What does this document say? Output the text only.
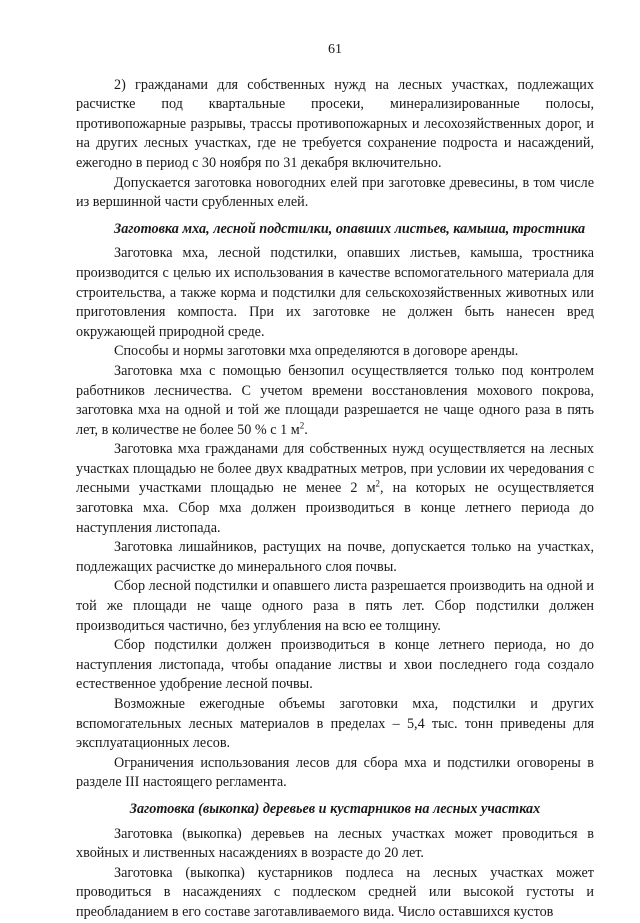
61

2) гражданами для собственных нужд на лесных участках, подлежащих расчистке под квартальные просеки, минерализированные полосы, противопожарные разрывы, трассы противопожарных и лесохозяйственных дорог, и на других лесных участках, где не требуется сохранение подроста и насаждений, ежегодно в период с 30 ноября по 31 декабря включительно.

Допускается заготовка новогодних елей при заготовке древесины, в том числе из вершинной части срубленных елей.

Заготовка мха, лесной подстилки, опавших листьев, камыша, тростника

Заготовка мха, лесной подстилки, опавших листьев, камыша, тростника производится с целью их использования в качестве вспомогательного материала для строительства, а также корма и подстилки для сельскохозяйственных животных или приготовления компоста. При их заготовке не должен быть нанесен вред окружающей природной среде.

Способы и нормы заготовки мха определяются в договоре аренды.

Заготовка мха с помощью бензопил осуществляется только под контролем работников лесничества. С учетом времени восстановления мохового покрова, заготовка мха на одной и той же площади разрешается не чаще одного раза в пять лет, в количестве не более 50 % с 1 $м^2$.

Заготовка мха гражданами для собственных нужд осуществляется на лесных участках площадью не более двух квадратных метров, при условии их чередования с лесными участками площадью не менее 2 $м^2$, на которых не осуществляется заготовка мха. Сбор мха должен производиться в конце летнего периода до наступления листопада.

Заготовка лишайников, растущих на почве, допускается только на участках, подлежащих расчистке до минерального слоя почвы.

Сбор лесной подстилки и опавшего листа разрешается производить на одной и той же площади не чаще одного раза в пять лет. Сбор подстилки должен производиться частично, без углубления на всю ее толщину.

Сбор подстилки должен производиться в конце летнего периода, но до наступления листопада, чтобы опадание листвы и хвои последнего года создало естественное удобрение лесной почвы.

Возможные ежегодные объемы заготовки мха, подстилки и других вспомогательных лесных материалов в пределах – 5,4 тыс. тонн приведены для эксплуатационных лесов.

Ограничения использования лесов для сбора мха и подстилки оговорены в разделе III настоящего регламента.

Заготовка (выкопка) деревьев и кустарников на лесных участках

Заготовка (выкопка) деревьев на лесных участках может проводиться в хвойных и лиственных насаждениях в возрасте до 20 лет.

Заготовка (выкопка) кустарников подлеса на лесных участках может проводиться в насаждениях с подлеском средней или высокой густоты и преобладанием в его составе заготавливаемого вида. Число оставшихся кустов
